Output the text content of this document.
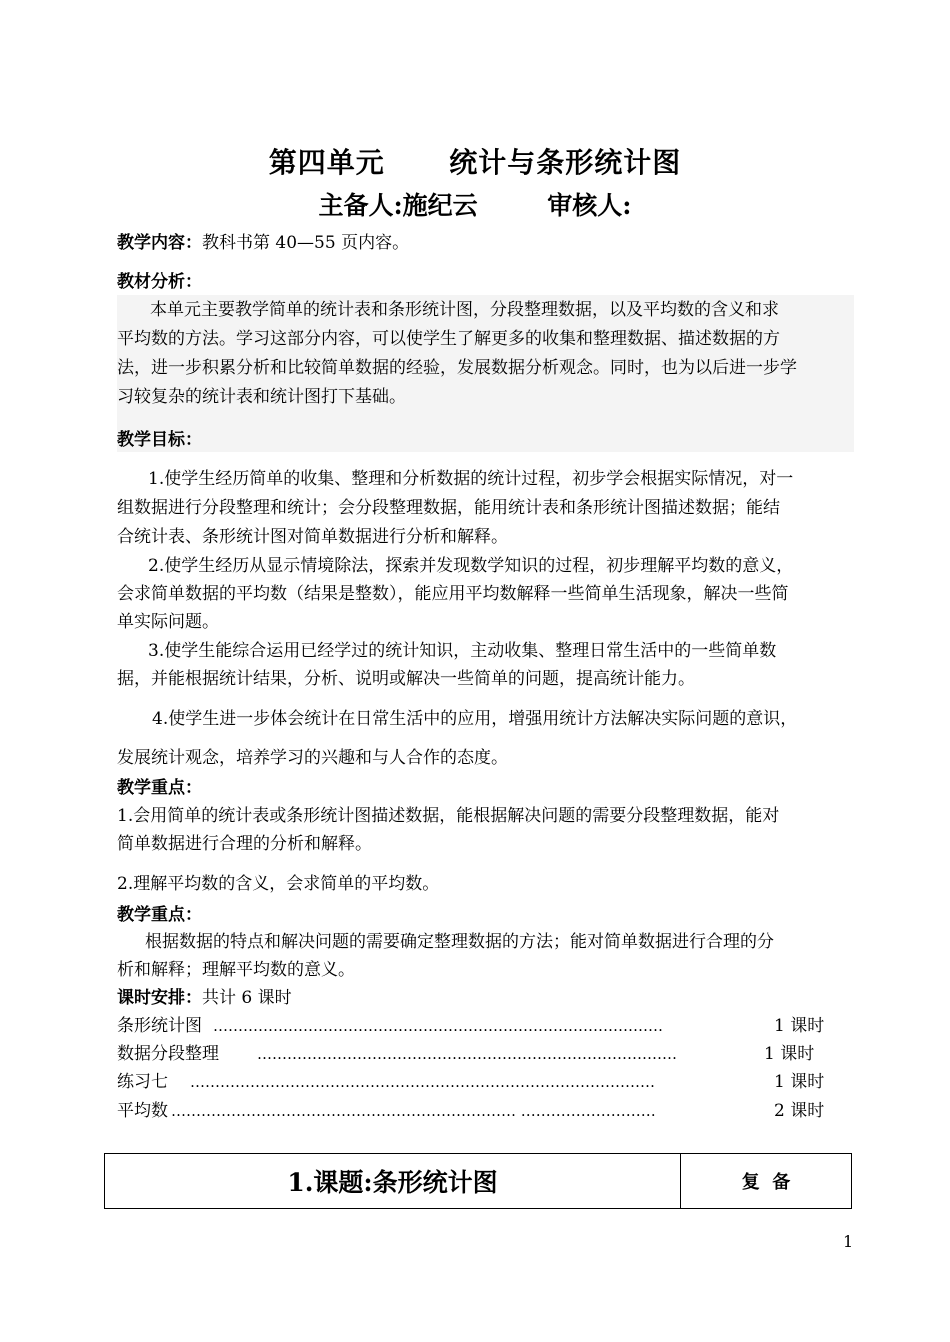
第四单元      统计与条形统计图
主备人:施纪云        审核人:
教学内容：教科书第 40—55 页内容。
教材分析：
本单元主要教学简单的统计表和条形统计图，分段整理数据，以及平均数的含义和求
平均数的方法。学习这部分内容，可以使学生了解更多的收集和整理数据、描述数据的方
法，进一步积累分析和比较简单数据的经验，发展数据分析观念。同时，也为以后进一步学
习较复杂的统计表和统计图打下基础。
教学目标：
1.使学生经历简单的收集、整理和分析数据的统计过程，初步学会根据实际情况，对一
组数据进行分段整理和统计；会分段整理数据，能用统计表和条形统计图描述数据；能结
合统计表、条形统计图对简单数据进行分析和解释。
2.使学生经历从显示情境除法，探索并发现数学知识的过程，初步理解平均数的意义，
会求简单数据的平均数（结果是整数），能应用平均数解释一些简单生活现象，解决一些简
单实际问题。
3.使学生能综合运用已经学过的统计知识，主动收集、整理日常生活中的一些简单数
据，并能根据统计结果，分析、说明或解决一些简单的问题，提高统计能力。
4.使学生进一步体会统计在日常生活中的应用，增强用统计方法解决实际问题的意识，
发展统计观念，培养学习的兴趣和与人合作的态度。
教学重点：
1.会用简单的统计表或条形统计图描述数据，能根据解决问题的需要分段整理数据，能对
简单数据进行合理的分析和解释。
2.理解平均数的含义，会求简单的平均数。
教学重点：
根据数据的特点和解决问题的需要确定整理数据的方法；能对简单数据进行合理的分
析和解释；理解平均数的意义。
课时安排：共计 6 课时
条形统计图 ………………………………………………………………………………	1 课时
数据分段整理	…………………………………………………………………………	1 课时
练习七 …………………………………………………………………………………	1 课时
平均数 …………………………………………………………… ………………………	2 课时
1.课题:条形统计图	复  备
1
